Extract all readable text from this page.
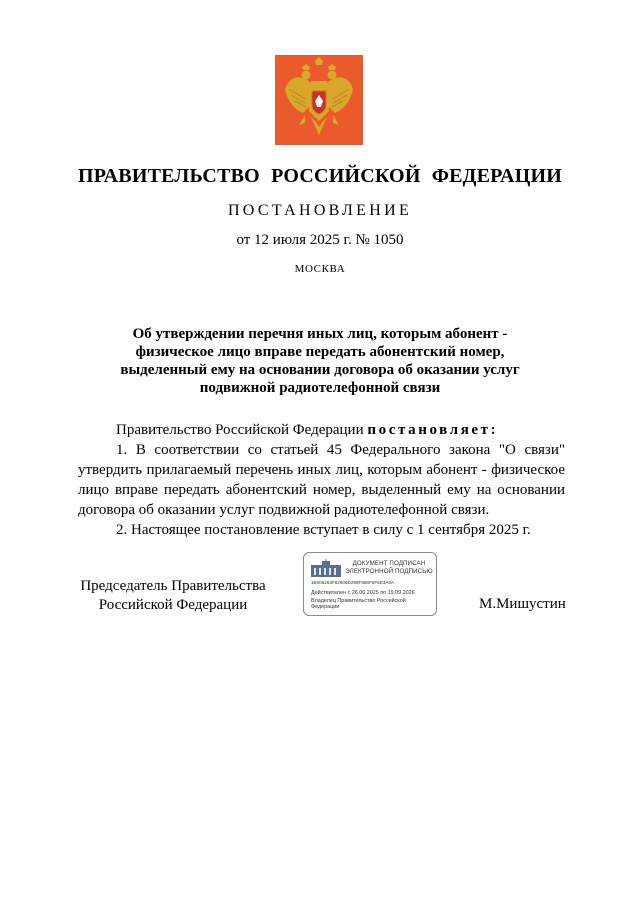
ПРАВИТЕЛЬСТВО РОССИЙСКОЙ ФЕДЕРАЦИИ
ПОСТАНОВЛЕНИЕ
от 12 июля 2025 г. № 1050
МОСКВА
Об утверждении перечня иных лиц, которым абонент -
физическое лицо вправе передать абонентский номер,
выделенный ему на основании договора об оказании услуг
подвижной радиотелефонной связи

Правительство Российской Федерации постановляет:

1. В соответствии со статьей 45 Федерального закона "О связи" утвердить прилагаемый перечень иных лиц, которым абонент - физическое лицо вправе передать абонентский номер, выделенный ему на основании договора об оказании услуг подвижной радиотелефонной связи.

2. Настоящее постановление вступает в силу с 1 сентября 2025 г.

Председатель Правительства
Российской Федерации
ДОКУМЕНТ ПОДПИСАН
ЭЛЕКТРОННОЙ ПОДПИСЬЮ
1B005263F62606D298F888F6F6E3A6A
Действителен с 26.06.2025 по 19.09.2026
Владелец Правительство Российской Федерации	М.Мишустин
